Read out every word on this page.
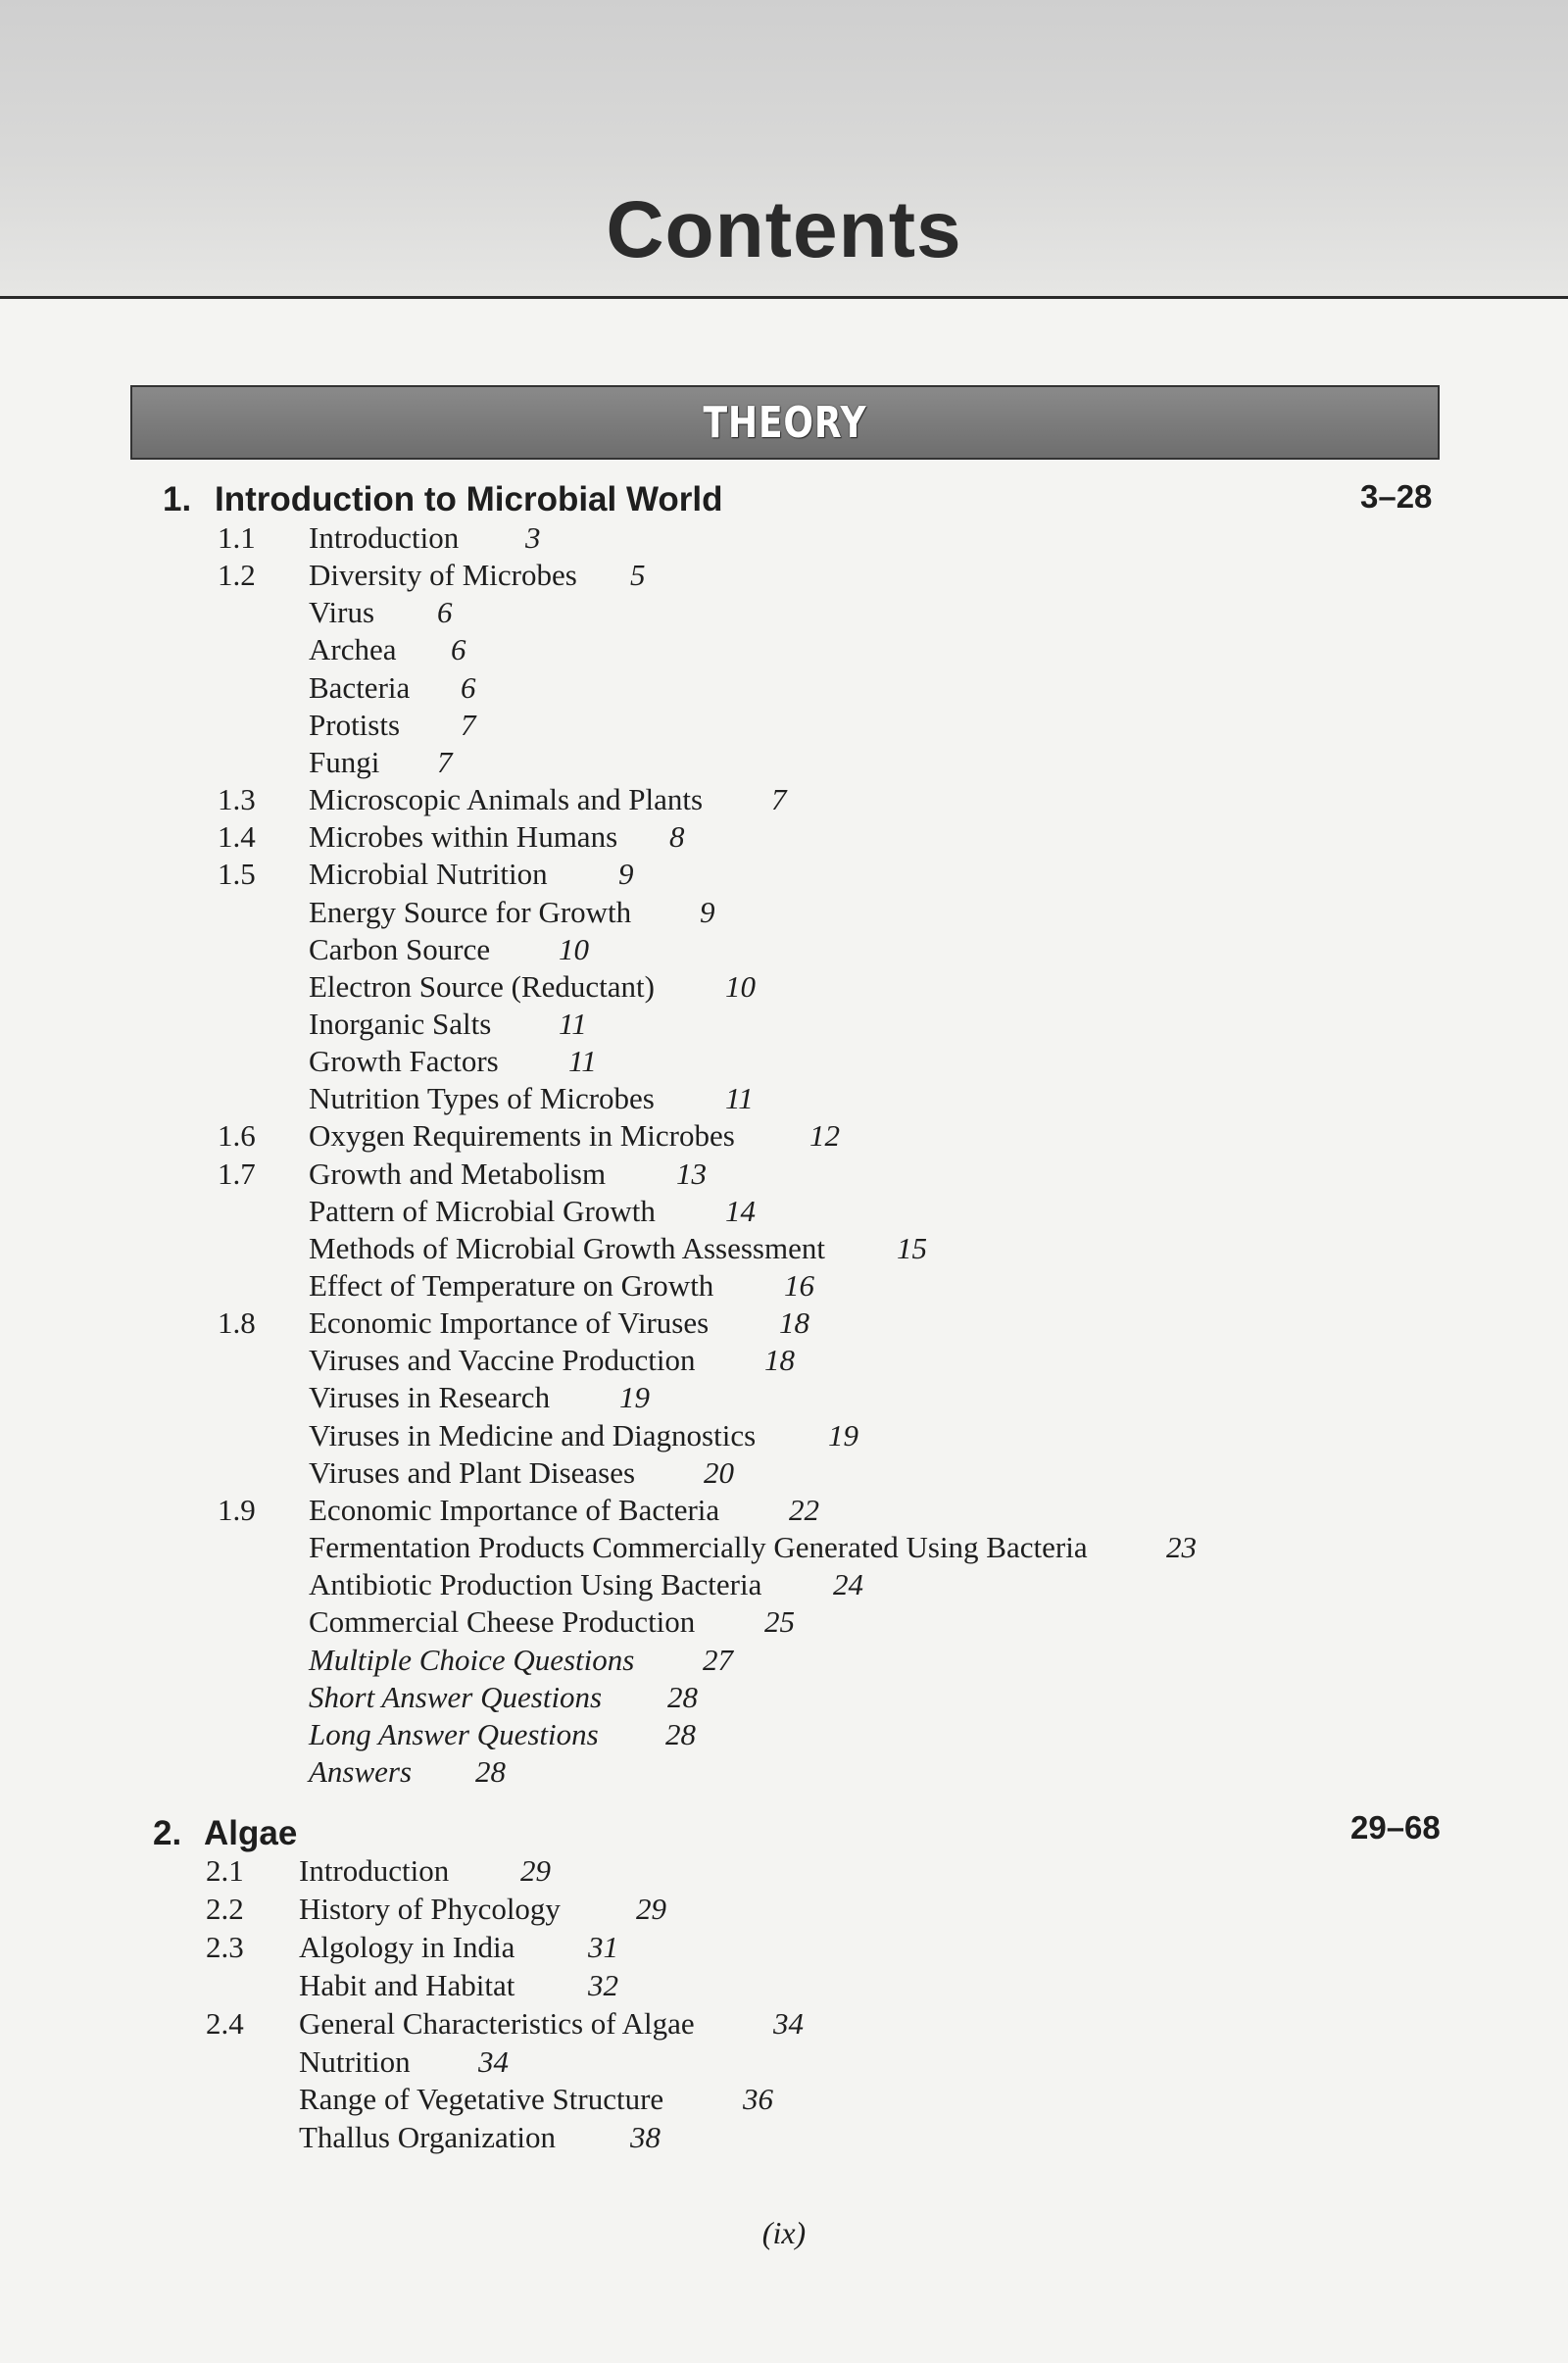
Contents
THEORY
1. Introduction to Microbial World	3–28
1.1 Introduction 3
1.2 Diversity of Microbes 5
Virus 6
Archea 6
Bacteria 6
Protists 7
Fungi 7
1.3 Microscopic Animals and Plants 7
1.4 Microbes within Humans 8
1.5 Microbial Nutrition 9
Energy Source for Growth 9
Carbon Source 10
Electron Source (Reductant) 10
Inorganic Salts 11
Growth Factors 11
Nutrition Types of Microbes 11
1.6 Oxygen Requirements in Microbes 12
1.7 Growth and Metabolism 13
Pattern of Microbial Growth 14
Methods of Microbial Growth Assessment 15
Effect of Temperature on Growth 16
1.8 Economic Importance of Viruses 18
Viruses and Vaccine Production 18
Viruses in Research 19
Viruses in Medicine and Diagnostics 19
Viruses and Plant Diseases 20
1.9 Economic Importance of Bacteria 22
Fermentation Products Commercially Generated Using Bacteria	23
Antibiotic Production Using Bacteria 24
Commercial Cheese Production 25
Multiple Choice Questions 27
Short Answer Questions 28
Long Answer Questions 28
Answers 28
2. Algae	29–68
2.1 Introduction 29
2.2 History of Phycology 29
2.3 Algology in India 31
Habit and Habitat 32
2.4 General Characteristics of Algae	34
Nutrition 34
Range of Vegetative Structure	36
Thallus Organization 38
(ix)
